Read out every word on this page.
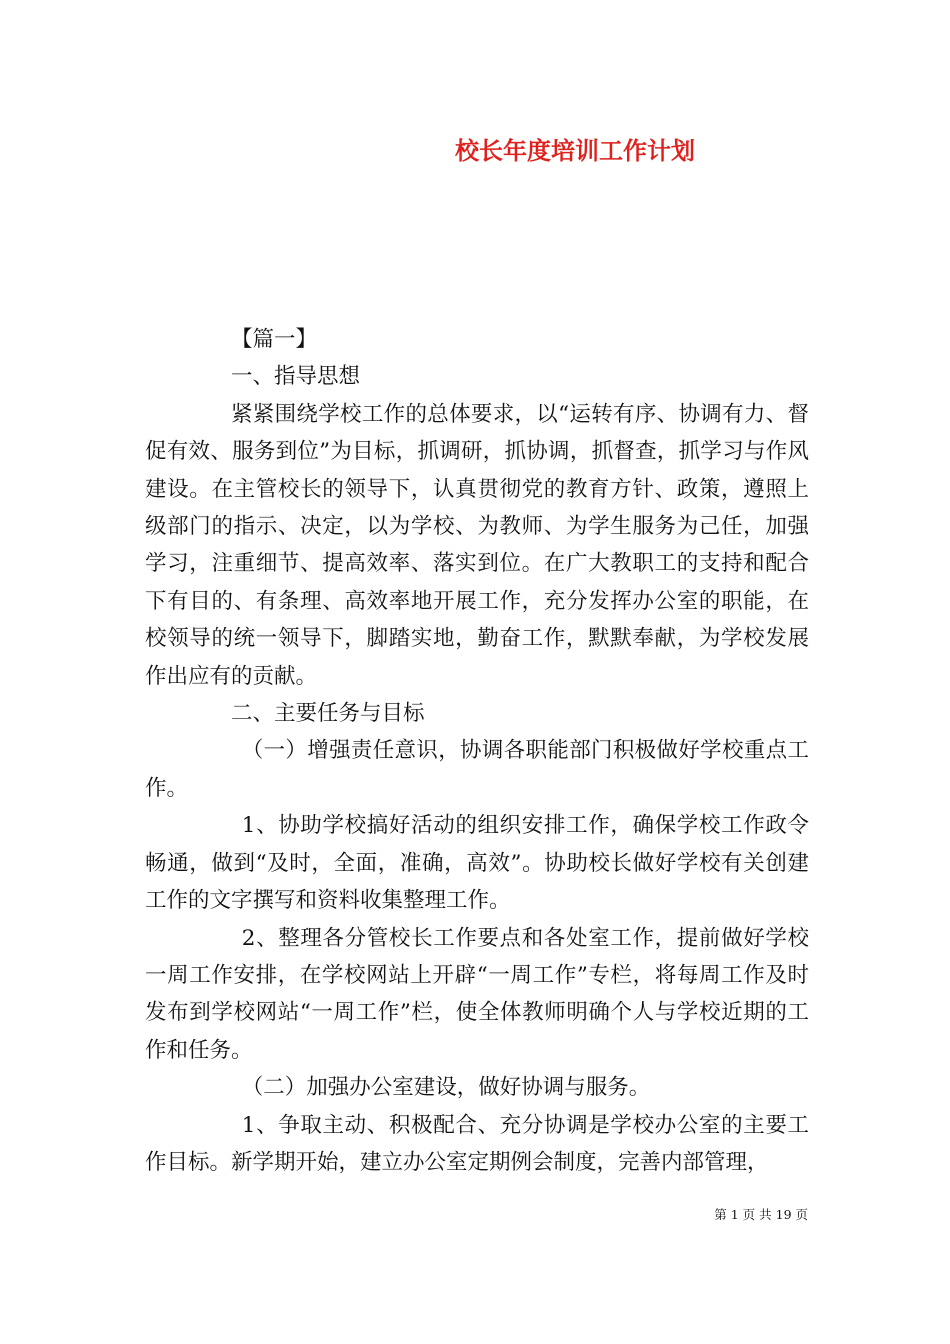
校长年度培训工作计划

【篇一】

一、指导思想

紧紧围绕学校工作的总体要求，以“运转有序、协调有力、督促有效、服务到位”为目标，抓调研，抓协调，抓督查，抓学习与作风建设。在主管校长的领导下，认真贯彻党的教育方针、政策，遵照上级部门的指示、决定，以为学校、为教师、为学生服务为己任，加强学习，注重细节、提高效率、落实到位。在广大教职工的支持和配合下有目的、有条理、高效率地开展工作，充分发挥办公室的职能，在校领导的统一领导下，脚踏实地，勤奋工作，默默奉献，为学校发展作出应有的贡献。

二、主要任务与目标

（一）增强责任意识，协调各职能部门积极做好学校重点工作。

1、协助学校搞好活动的组织安排工作，确保学校工作政令畅通，做到“及时，全面，准确，高效”。协助校长做好学校有关创建工作的文字撰写和资料收集整理工作。

2、整理各分管校长工作要点和各处室工作，提前做好学校一周工作安排，在学校网站上开辟“一周工作”专栏，将每周工作及时发布到学校网站“一周工作”栏，使全体教师明确个人与学校近期的工作和任务。

（二）加强办公室建设，做好协调与服务。

1、争取主动、积极配合、充分协调是学校办公室的主要工作目标。新学期开始，建立办公室定期例会制度，完善内部管理，

第 1 页 共 19 页
